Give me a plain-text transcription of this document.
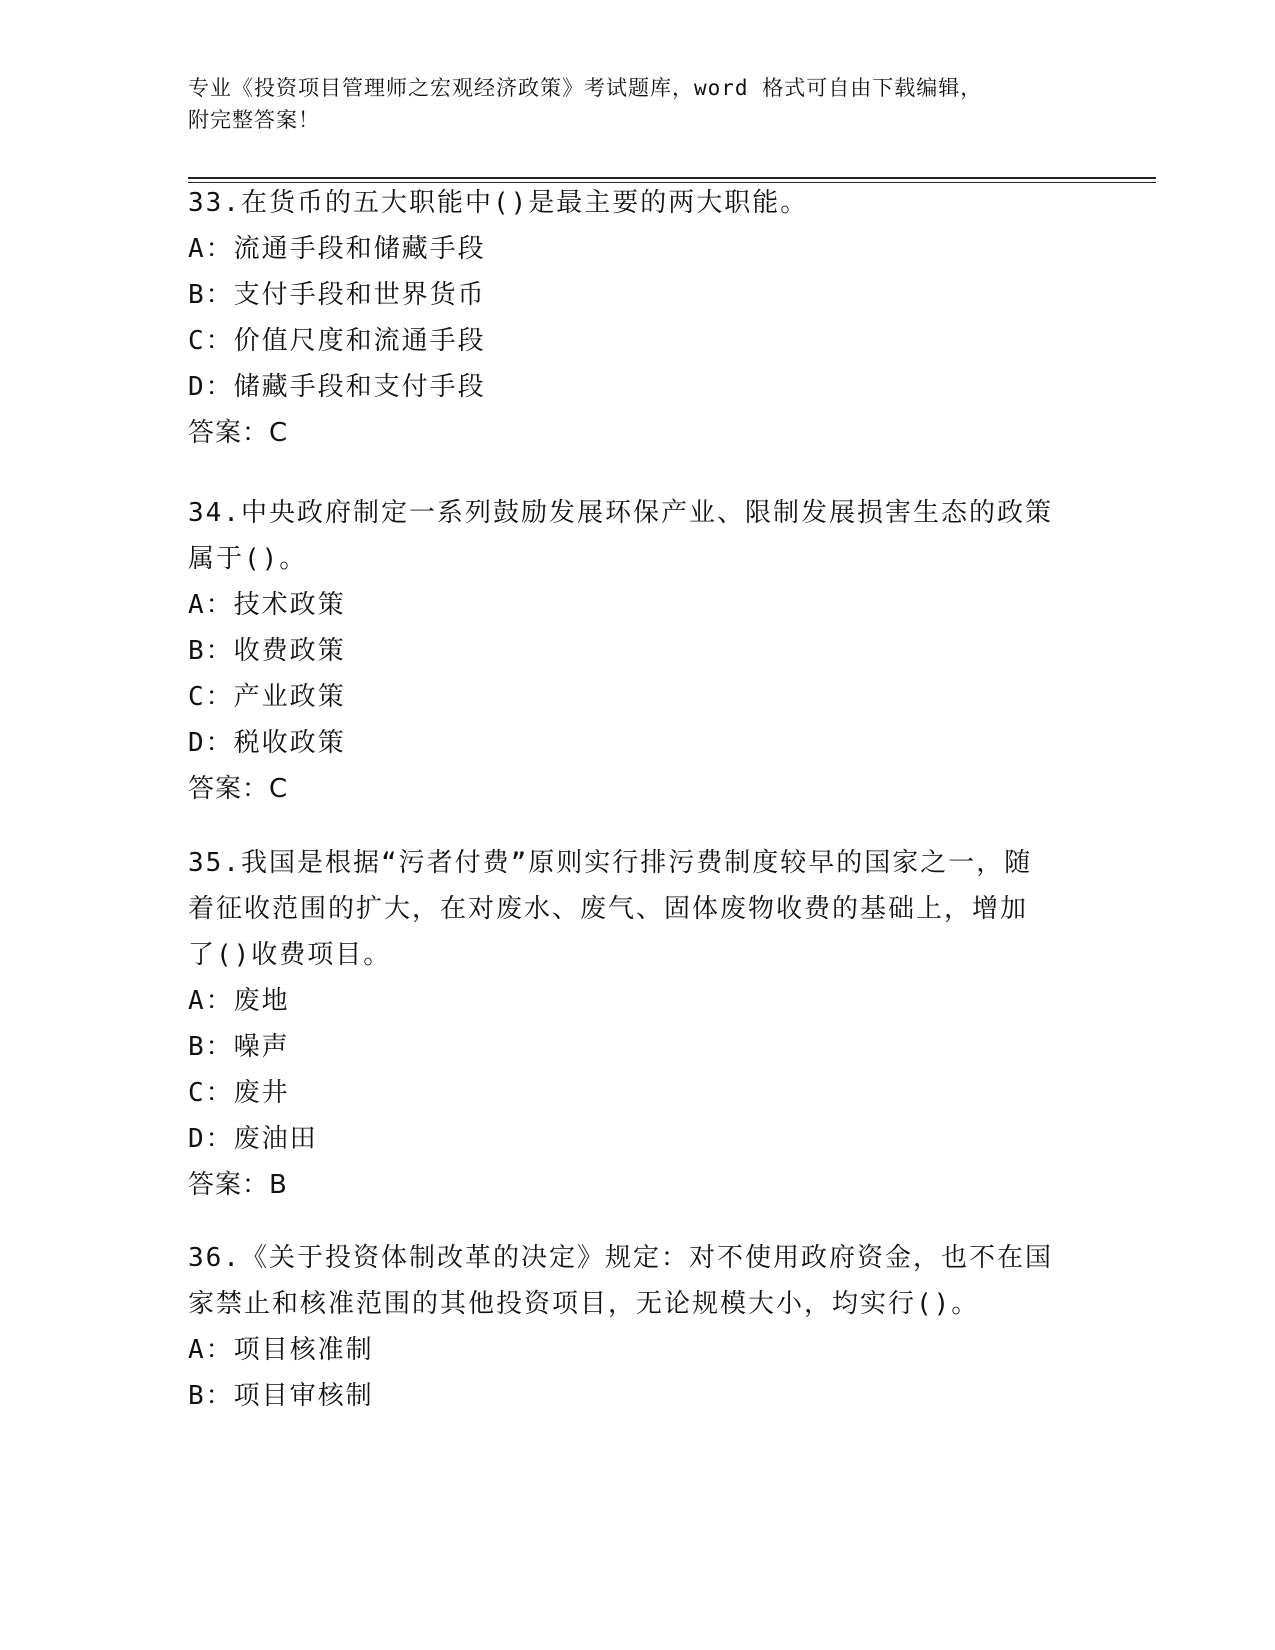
专业《投资项目管理师之宏观经济政策》考试题库，word 格式可自由下载编辑，
附完整答案！

33.在货币的五大职能中()是最主要的两大职能。

A：流通手段和储藏手段

B：支付手段和世界货币

C：价值尺度和流通手段

D：储藏手段和支付手段

答案：C

34.中央政府制定一系列鼓励发展环保产业、限制发展损害生态的政策

属于()。

A：技术政策

B：收费政策

C：产业政策

D：税收政策

答案：C

35.我国是根据“污者付费”原则实行排污费制度较早的国家之一，随

着征收范围的扩大，在对废水、废气、固体废物收费的基础上，增加

了()收费项目。

A：废地

B：噪声

C：废井

D：废油田

答案：B

36.《关于投资体制改革的决定》规定：对不使用政府资金，也不在国

家禁止和核准范围的其他投资项目，无论规模大小，均实行()。

A：项目核准制

B：项目审核制
